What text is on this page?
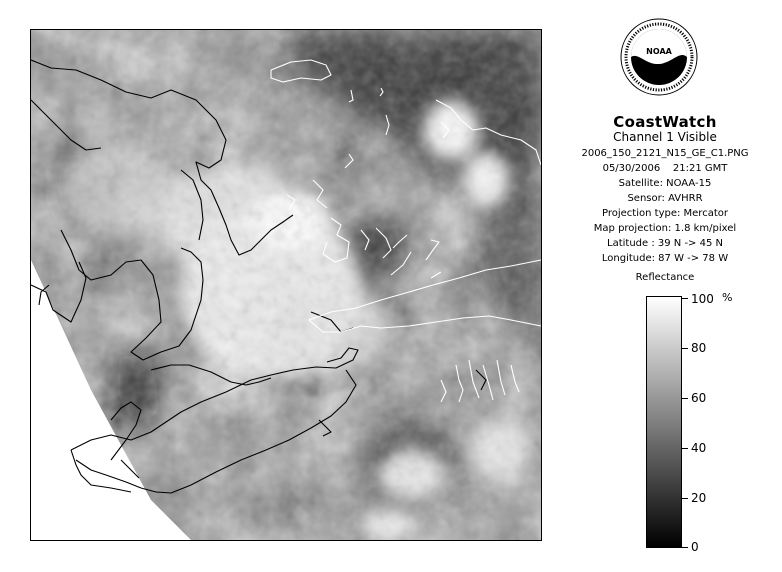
NOAA
CoastWatch
Channel 1 Visible
2006_150_2121_N15_GE_C1.PNG
05/30/2006    21:21 GMT
Satellite: NOAA-15
Sensor: AVHRR
Projection type: Mercator
Map projection: 1.8 km/pixel
Latitude : 39 N -> 45 N
Longitude: 87 W -> 78 W
Reflectance
%
100
80
60
40
20
0
